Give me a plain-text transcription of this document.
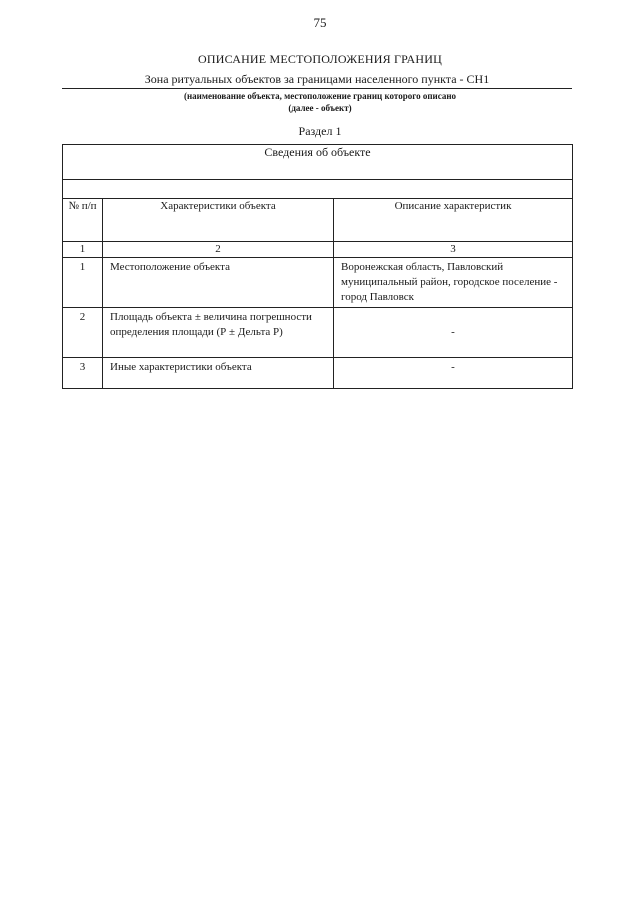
75
ОПИСАНИЕ МЕСТОПОЛОЖЕНИЯ ГРАНИЦ
Зона ритуальных объектов за границами населенного пункта - СН1
(наименование объекта, местоположение границ которого описано
(далее - объект)
Раздел 1
Сведения об объекте		

№ п/п	Характеристики объекта	Описание характеристик
1	2	3
1	Местоположение объекта	Воронежская область, Павловский муниципальный район, городское поселение - город Павловск
2	Площадь объекта ± величина погрешности определения площади (Р ± Дельта Р)	-
3	Иные характеристики объекта	-
